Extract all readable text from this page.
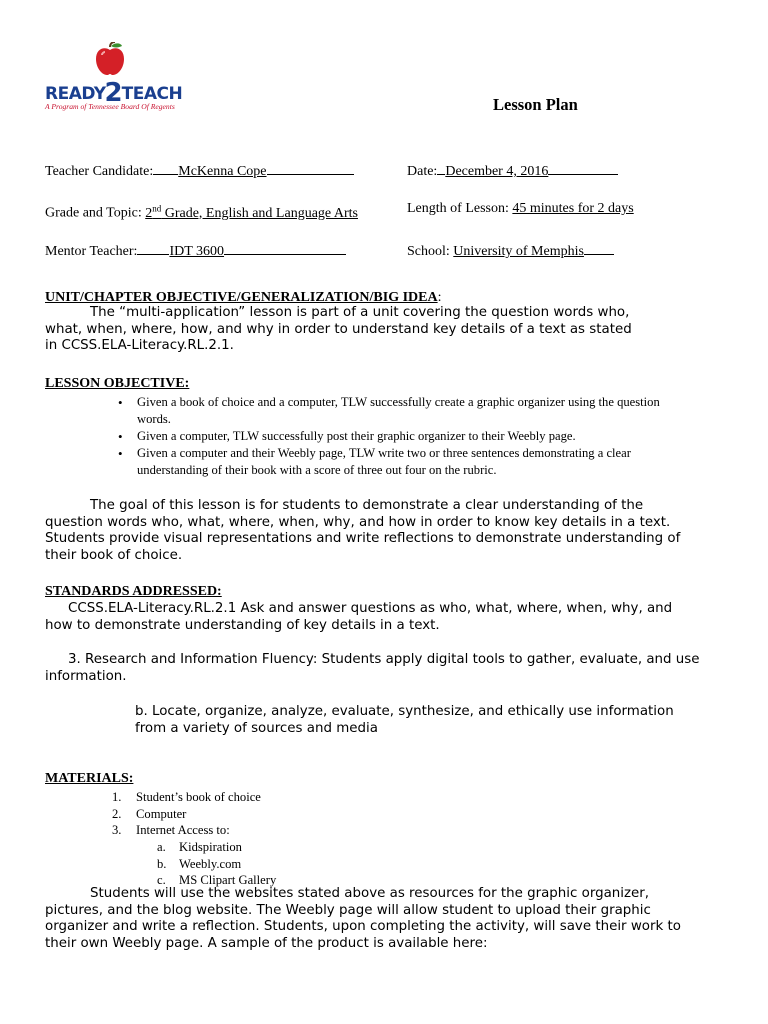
READY2TEACH
A Program of Tennessee Board Of Regents	Lesson Plan
Teacher Candidate: McKenna Cope	Date: December 4, 2016
Grade and Topic: 2nd Grade, English and Language Arts	Length of Lesson: 45 minutes for 2 days
Mentor Teacher: IDT 3600	School: University of Memphis
UNIT/CHAPTER OBJECTIVE/GENERALIZATION/BIG IDEA:
The “multi-application” lesson is part of a unit covering the question words who,
what, when, where, how, and why in order to understand key details of a text as stated
in CCSS.ELA-Literacy.RL.2.1.
LESSON OBJECTIVE:
• Given a book of choice and a computer, TLW successfully create a graphic organizer using the question
words.
• Given a computer, TLW successfully post their graphic organizer to their Weebly page.
• Given a computer and their Weebly page, TLW write two or three sentences demonstrating a clear
understanding of their book with a score of three out four on the rubric.
The goal of this lesson is for students to demonstrate a clear understanding of the
question words who, what, where, when, why, and how in order to know key details in a text.
Students provide visual representations and write reflections to demonstrate understanding of
their book of choice.
STANDARDS ADDRESSED:
CCSS.ELA-Literacy.RL.2.1 Ask and answer questions as who, what, where, when, why, and
how to demonstrate understanding of key details in a text.
3. Research and Information Fluency: Students apply digital tools to gather, evaluate, and use
information.
b. Locate, organize, analyze, evaluate, synthesize, and ethically use information
from a variety of sources and media
MATERIALS:
1. Student’s book of choice
2. Computer
3. Internet Access to:
a. Kidspiration
b. Weebly.com
c. MS Clipart Gallery
Students will use the websites stated above as resources for the graphic organizer,
pictures, and the blog website. The Weebly page will allow student to upload their graphic
organizer and write a reflection. Students, upon completing the activity, will save their work to
their own Weebly page. A sample of the product is available here:
